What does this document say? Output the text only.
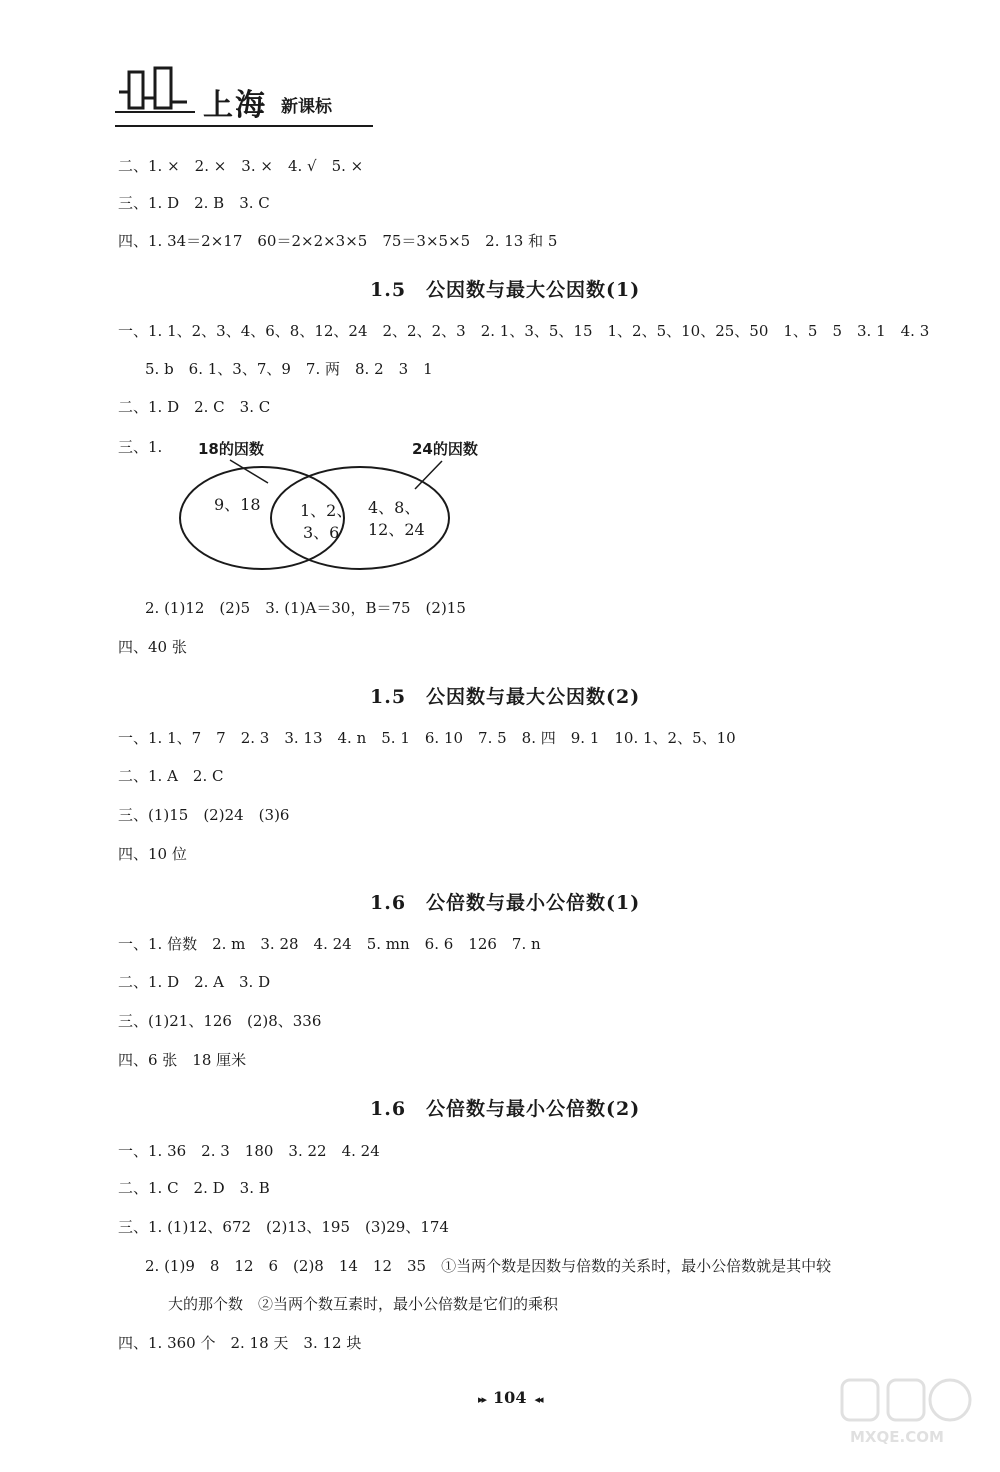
上海 新课标
二、1. ×　2. ×　3. ×　4. √　5. ×
三、1. D　2. B　3. C
四、1. 34＝2×17　60＝2×2×3×5　75＝3×5×5　2. 13 和 5
1.5　公因数与最大公因数(1)
一、1. 1、2、3、4、6、8、12、24　2、2、2、3　2. 1、3、5、15　1、2、5、10、25、50　1、5　5　3. 1　4. 3
5. b　6. 1、3、7、9　7. 两　8. 2　3　1
二、1. D　2. C　3. C
三、1. 18的因数	24的因数
9、18 1、2、
3、6
4、8、
12、24
2. (1)12　(2)5　3. (1)A＝30，B＝75　(2)15
四、40 张
1.5　公因数与最大公因数(2)
一、1. 1、7　7　2. 3　3. 13　4. n　5. 1　6. 10　7. 5　8. 四　9. 1　10. 1、2、5、10
二、1. A　2. C
三、(1)15　(2)24　(3)6
四、10 位
1.6　公倍数与最小公倍数(1)
一、1. 倍数　2. m　3. 28　4. 24　5. mn　6. 6　126　7. n
二、1. D　2. A　3. D
三、(1)21、126　(2)8、336
四、6 张　18 厘米
1.6　公倍数与最小公倍数(2)
一、1. 36　2. 3　180　3. 22　4. 24
二、1. C　2. D　3. B
三、1. (1)12、672　(2)13、195　(3)29、174
2. (1)9　8　12　6　(2)8　14　12　35　①当两个数是因数与倍数的关系时，最小公倍数就是其中较
大的那个数　②当两个数互素时，最小公倍数是它们的乘积
四、1. 360 个　2. 18 天　3. 12 块
▸▸ 104 ◂◂
MXQE.COM
